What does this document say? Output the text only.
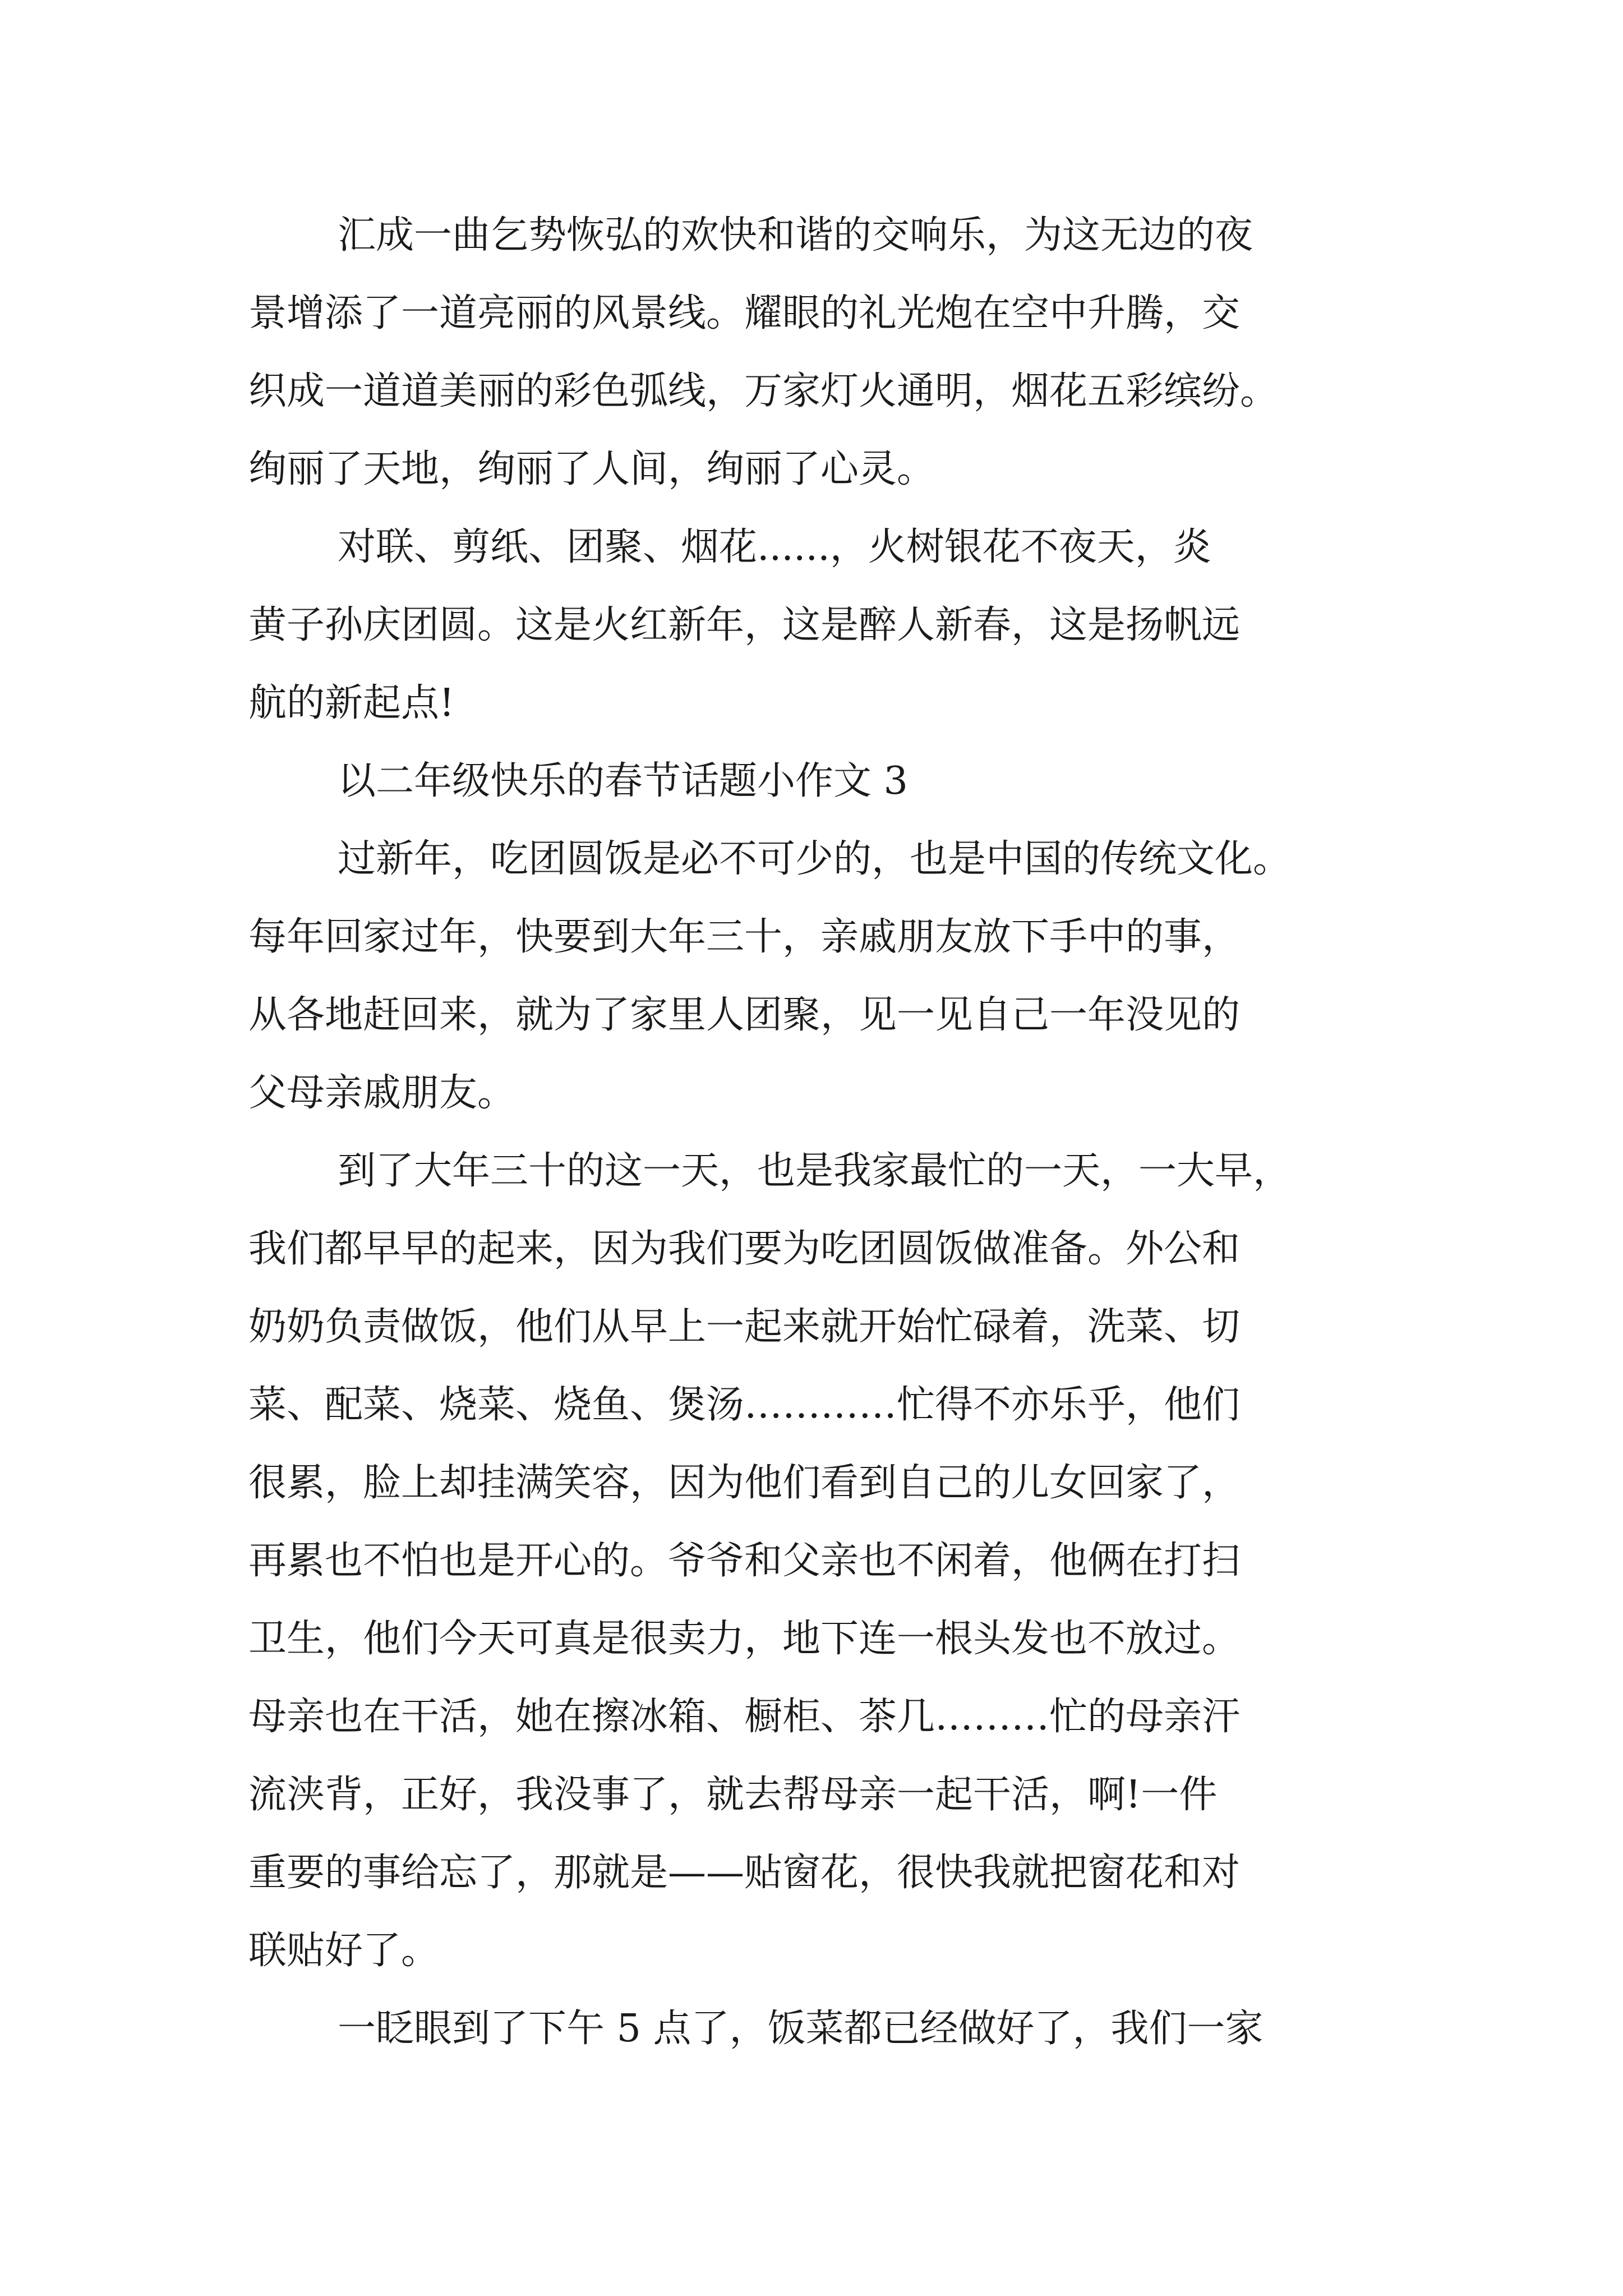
汇成一曲乞势恢弘的欢快和谐的交响乐，为这无边的夜
景增添了一道亮丽的风景线。耀眼的礼光炮在空中升腾，交
织成一道道美丽的彩色弧线，万家灯火通明，烟花五彩缤纷。
绚丽了天地，绚丽了人间，绚丽了心灵。
对联、剪纸、团聚、烟花......，火树银花不夜天，炎
黄子孙庆团圆。这是火红新年，这是醉人新春，这是扬帆远
航的新起点!
以二年级快乐的春节话题小作文 3
过新年，吃团圆饭是必不可少的，也是中国的传统文化。
每年回家过年，快要到大年三十，亲戚朋友放下手中的事，
从各地赶回来，就为了家里人团聚，见一见自己一年没见的
父母亲戚朋友。
到了大年三十的这一天，也是我家最忙的一天，一大早，
我们都早早的起来，因为我们要为吃团圆饭做准备。外公和
奶奶负责做饭，他们从早上一起来就开始忙碌着，洗菜、切
菜、配菜、烧菜、烧鱼、煲汤…………忙得不亦乐乎，他们
很累，脸上却挂满笑容，因为他们看到自己的儿女回家了，
再累也不怕也是开心的。爷爷和父亲也不闲着，他俩在打扫
卫生，他们今天可真是很卖力，地下连一根头发也不放过。
母亲也在干活，她在擦冰箱、橱柜、茶几………忙的母亲汗
流浃背，正好，我没事了，就去帮母亲一起干活，啊!一件
重要的事给忘了，那就是——贴窗花，很快我就把窗花和对
联贴好了。
一眨眼到了下午 5 点了，饭菜都已经做好了，我们一家
